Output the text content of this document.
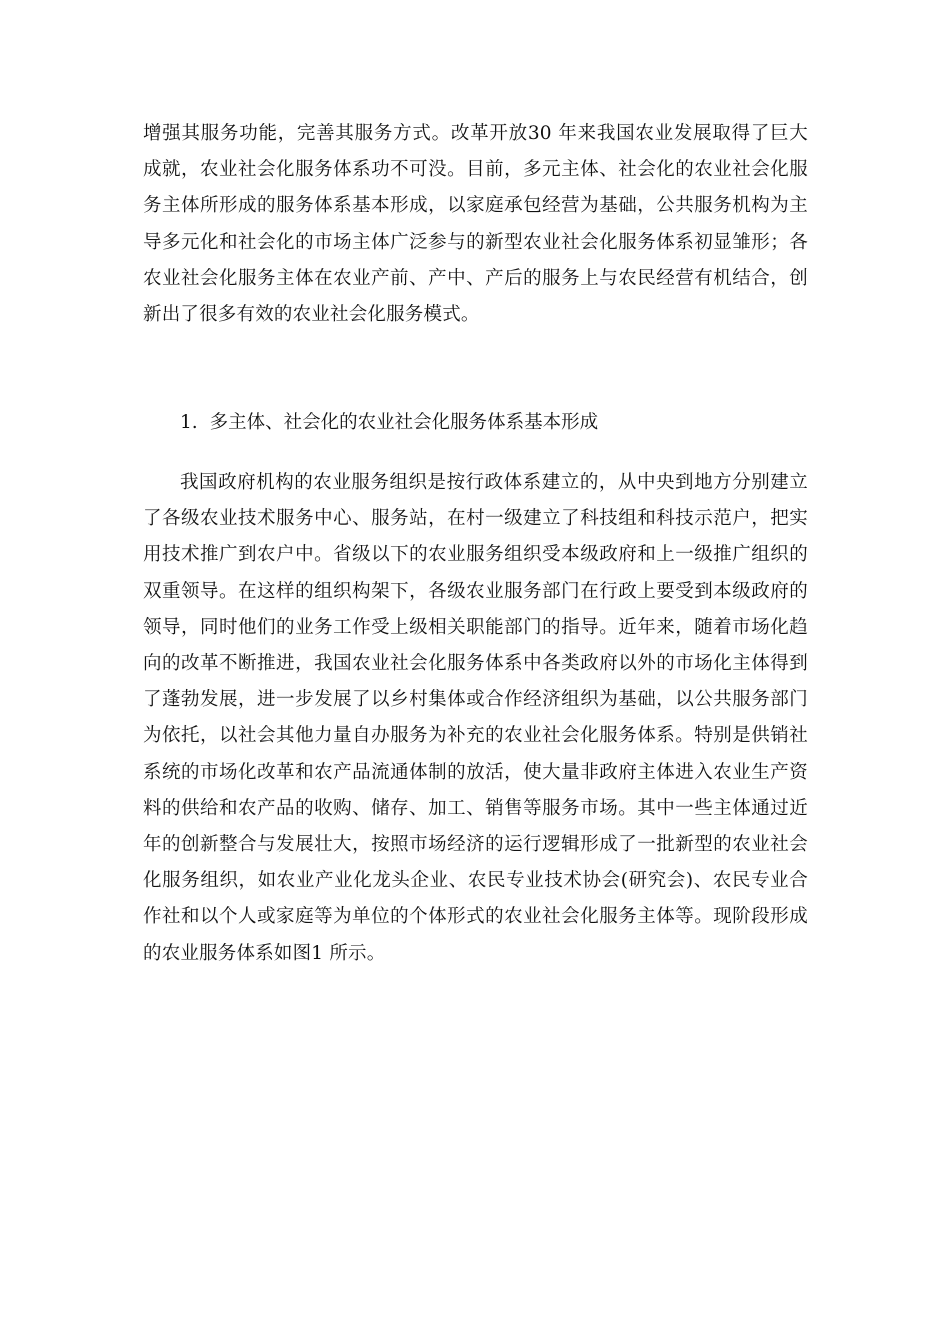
增强其服务功能，完善其服务方式。改革开放30 年来我国农业发展取得了巨大成就，农业社会化服务体系功不可没。目前，多元主体、社会化的农业社会化服务主体所形成的服务体系基本形成，以家庭承包经营为基础，公共服务机构为主导多元化和社会化的市场主体广泛参与的新型农业社会化服务体系初显雏形；各农业社会化服务主体在农业产前、产中、产后的服务上与农民经营有机结合，创新出了很多有效的农业社会化服务模式。

1. 多主体、社会化的农业社会化服务体系基本形成

我国政府机构的农业服务组织是按行政体系建立的，从中央到地方分别建立了各级农业技术服务中心、服务站，在村一级建立了科技组和科技示范户，把实用技术推广到农户中。省级以下的农业服务组织受本级政府和上一级推广组织的双重领导。在这样的组织构架下，各级农业服务部门在行政上要受到本级政府的领导，同时他们的业务工作受上级相关职能部门的指导。近年来，随着市场化趋向的改革不断推进，我国农业社会化服务体系中各类政府以外的市场化主体得到了蓬勃发展，进一步发展了以乡村集体或合作经济组织为基础，以公共服务部门为依托，以社会其他力量自办服务为补充的农业社会化服务体系。特别是供销社系统的市场化改革和农产品流通体制的放活，使大量非政府主体进入农业生产资料的供给和农产品的收购、储存、加工、销售等服务市场。其中一些主体通过近年的创新整合与发展壮大，按照市场经济的运行逻辑形成了一批新型的农业社会化服务组织，如农业产业化龙头企业、农民专业技术协会(研究会)、农民专业合作社和以个人或家庭等为单位的个体形式的农业社会化服务主体等。现阶段形成的农业服务体系如图1 所示。
